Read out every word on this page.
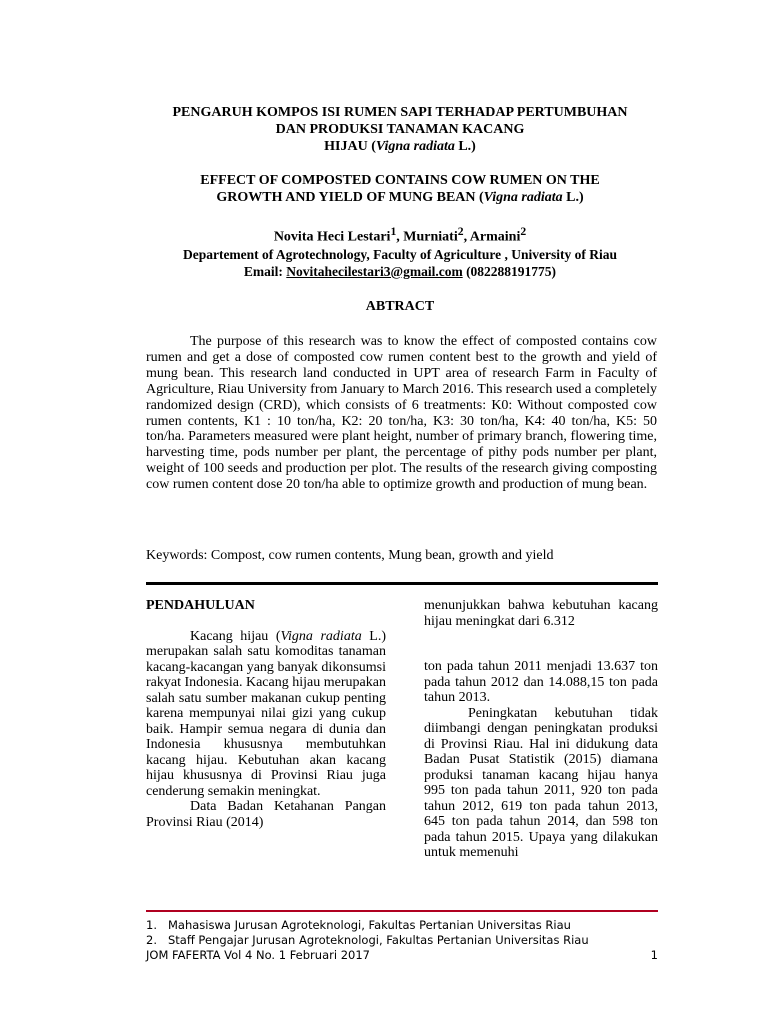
PENGARUH KOMPOS ISI RUMEN SAPI TERHADAP PERTUMBUHAN
DAN PRODUKSI TANAMAN KACANG
HIJAU (Vigna radiata L.)
EFFECT OF COMPOSTED CONTAINS COW RUMEN ON THE
GROWTH AND YIELD OF MUNG BEAN (Vigna radiata L.)
Novita Heci Lestari$^1$, Murniati$^2$, Armaini$^2$
Departement of Agrotechnology, Faculty of Agriculture , University of Riau
Email: Novitahecilestari3@gmail.com (082288191775)
ABTRACT
The purpose of this research was to know the effect of composted contains cow rumen and get a dose of composted cow rumen content best to the growth and yield of mung bean. This research land conducted in UPT area of research Farm in Faculty of Agriculture, Riau University from January to March 2016. This research used a completely randomized design (CRD), which consists of 6 treatments: K0: Without composted cow rumen contents, K1 : 10 ton/ha, K2: 20 ton/ha, K3: 30 ton/ha, K4: 40 ton/ha, K5: 50 ton/ha. Parameters measured were plant height, number of primary branch, flowering time, harvesting time, pods number per plant, the percentage of pithy pods number per plant, weight of 100 seeds and production per plot. The results of the research giving composting cow rumen content dose 20 ton/ha able to optimize growth and production of mung bean.
Keywords: Compost, cow rumen contents, Mung bean, growth and yield
PENDAHULUAN

Kacang hijau (Vigna radiata L.) merupakan salah satu komoditas tanaman kacang-kacangan yang banyak dikonsumsi rakyat Indonesia. Kacang hijau merupakan salah satu sumber makanan cukup penting karena mempunyai nilai gizi yang cukup baik. Hampir semua negara di dunia dan Indonesia khususnya membutuhkan kacang hijau. Kebutuhan akan kacang hijau khususnya di Provinsi Riau juga cenderung semakin meningkat.

Data Badan Ketahanan Pangan Provinsi Riau (2014)

menunjukkan bahwa kebutuhan kacang hijau meningkat dari 6.312

ton pada tahun 2011 menjadi 13.637 ton pada tahun 2012 dan 14.088,15 ton pada tahun 2013.

Peningkatan kebutuhan tidak diimbangi dengan peningkatan produksi di Provinsi Riau. Hal ini didukung data Badan Pusat Statistik (2015) diamana produksi tanaman kacang hijau hanya 995 ton pada tahun 2011, 920 ton pada tahun 2012, 619 ton pada tahun 2013, 645 ton pada tahun 2014, dan 598 ton pada tahun 2015. Upaya yang dilakukan untuk memenuhi

1. Mahasiswa Jurusan Agroteknologi, Fakultas Pertanian Universitas Riau
2. Staff Pengajar Jurusan Agroteknologi, Fakultas Pertanian Universitas Riau
JOM FAFERTA Vol 4 No. 1 Februari 2017	1
